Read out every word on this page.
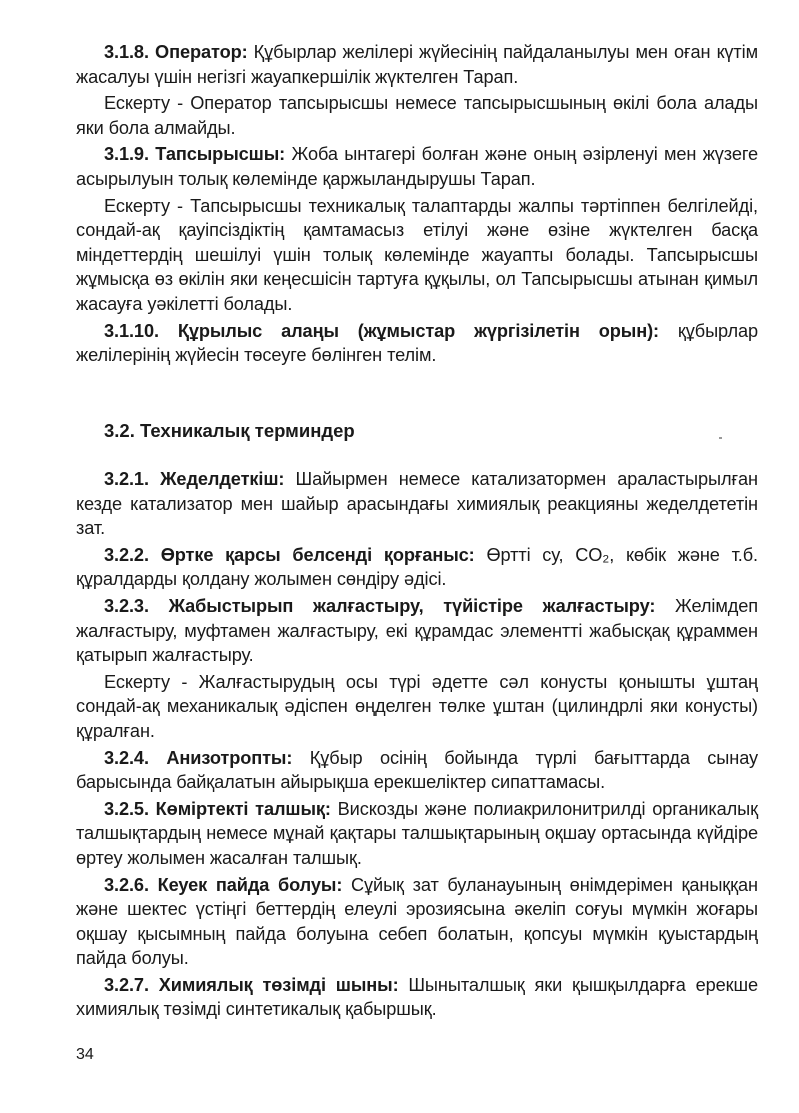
3.1.8. Оператор: Құбырлар желілері жүйесінің пайдаланылуы мен оған күтім жасалуы үшін негізгі жауапкершілік жүктелген Тарап.

Ескерту - Оператор тапсырысшы немесе тапсырысшының өкілі бола алады яки бола алмайды.

3.1.9. Тапсырысшы: Жоба ынтагері болған және оның әзірленуі мен жүзеге асырылуын толық көлемінде қаржыландырушы Тарап.

Ескерту - Тапсырысшы техникалық талаптарды жалпы тәртіппен белгілейді, сондай-ақ қауіпсіздіктің қамтамасыз етілуі және өзіне жүктелген басқа міндеттердің шешілуі үшін толық көлемінде жауапты болады. Тапсырысшы жұмысқа өз өкілін яки кеңесшісін тартуға құқылы, ол Тапсырысшы атынан қимыл жасауға уәкілетті болады.

3.1.10. Құрылыс алаңы (жұмыстар жүргізілетін орын): құбырлар желілерінің жүйесін төсеуге бөлінген телім.

3.2. Техникалық терминдер

3.2.1. Жеделдеткіш: Шайырмен немесе катализатормен араластырылған кезде катализатор мен шайыр арасындағы химиялық реакцияны жеделдететін зат.

3.2.2. Өртке қарсы белсенді қорғаныс: Өртті су, CO₂, көбік және т.б. құралдарды қолдану жолымен сөндіру әдісі.

3.2.3. Жабыстырып жалғастыру, түйістіре жалғастыру: Желімдеп жалғастыру, муфтамен жалғастыру, екі құрамдас элементті жабысқақ құраммен қатырып жалғастыру.

Ескерту - Жалғастырудың осы түрі әдетте сәл конусты қонышты ұштаң сондай-ақ механикалық әдіспен өңделген төлке ұштан (цилиндрлі яки конусты) құралған.

3.2.4. Анизотропты: Құбыр осінің бойында түрлі бағыттарда сынау барысында байқалатын айырықша ерекшеліктер сипаттамасы.

3.2.5. Көміртекті талшық: Вискозды және полиакрилонитрилді органикалық талшықтардың немесе мұнай қақтары талшықтарының оқшау ортасында күйдіре өртеу жолымен жасалған талшық.

3.2.6. Кеуек пайда болуы: Сұйық зат буланауының өнімдерімен қаныққан және шектес үстіңгі беттердің елеулі эрозиясына әкеліп соғуы мүмкін жоғары оқшау қысымның пайда болуына себеп болатын, қопсуы мүмкін қуыстардың пайда болуы.

3.2.7. Химиялық төзімді шыны: Шыныталшық яки қышқылдарға ерекше химиялық төзімді синтетикалық қабыршық.

34
